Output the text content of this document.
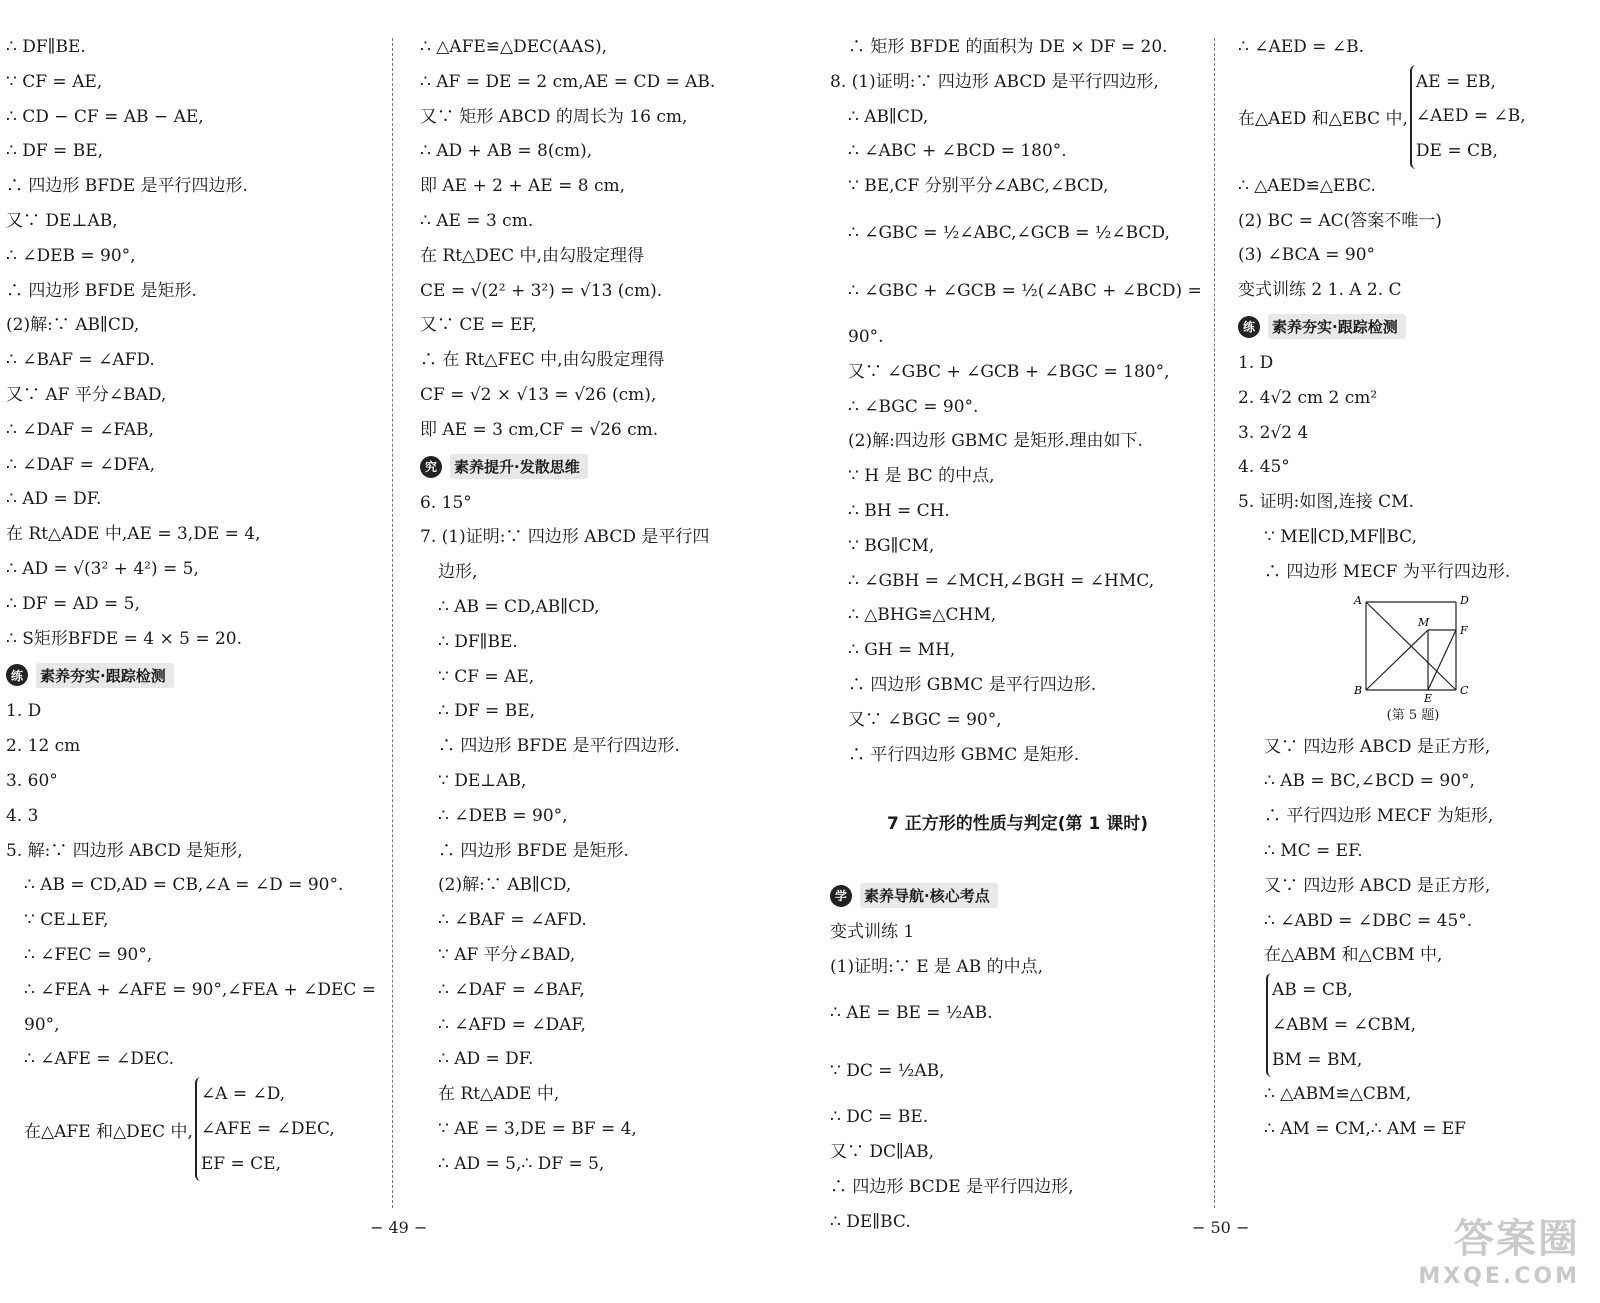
∴ DF∥BE.
∵ CF = AE,
∴ CD − CF = AB − AE,
∴ DF = BE,
∴ 四边形 BFDE 是平行四边形.
又∵ DE⊥AB,
∴ ∠DEB = 90°,
∴ 四边形 BFDE 是矩形.
(2)解:∵ AB∥CD,
∴ ∠BAF = ∠AFD.
又∵ AF 平分∠BAD,
∴ ∠DAF = ∠FAB,
∴ ∠DAF = ∠DFA,
∴ AD = DF.
在 Rt△ADE 中,AE = 3,DE = 4,
∴ AD = √(3² + 4²) = 5,
∴ DF = AD = 5,
∴ S矩形BFDE = 4 × 5 = 20.
练	素养夯实·跟踪检测
1. D
2. 12 cm
3. 60°
4. 3
5. 解:∵ 四边形 ABCD 是矩形,
∴ AB = CD,AD = CB,∠A = ∠D = 90°.
∵ CE⊥EF,
∴ ∠FEC = 90°,
∴ ∠FEA + ∠AFE = 90°,∠FEA + ∠DEC =
90°,
∴ ∠AFE = ∠DEC.
在△AFE 和△DEC 中,
∠A = ∠D,
∠AFE = ∠DEC,
EF = CE,
∴ △AFE≌△DEC(AAS),
∴ AF = DE = 2 cm,AE = CD = AB.
又∵ 矩形 ABCD 的周长为 16 cm,
∴ AD + AB = 8(cm),
即 AE + 2 + AE = 8 cm,
∴ AE = 3 cm.
在 Rt△DEC 中,由勾股定理得
CE = √(2² + 3²) = √13 (cm).
又∵ CE = EF,
∴ 在 Rt△FEC 中,由勾股定理得
CF = √2 × √13 = √26 (cm),
即 AE = 3 cm,CF = √26 cm.
究	素养提升·发散思维
6. 15°
7. (1)证明:∵ 四边形 ABCD 是平行四
边形,
∴ AB = CD,AB∥CD,
∴ DF∥BE.
∵ CF = AE,
∴ DF = BE,
∴ 四边形 BFDE 是平行四边形.
∵ DE⊥AB,
∴ ∠DEB = 90°,
∴ 四边形 BFDE 是矩形.
(2)解:∵ AB∥CD,
∴ ∠BAF = ∠AFD.
∵ AF 平分∠BAD,
∴ ∠DAF = ∠BAF,
∴ ∠AFD = ∠DAF,
∴ AD = DF.
在 Rt△ADE 中,
∵ AE = 3,DE = BF = 4,
∴ AD = 5,∴ DF = 5,
∴ 矩形 BFDE 的面积为 DE × DF = 20.
8. (1)证明:∵ 四边形 ABCD 是平行四边形,
∴ AB∥CD,
∴ ∠ABC + ∠BCD = 180°.
∵ BE,CF 分别平分∠ABC,∠BCD,
∴ ∠GBC = ½∠ABC,∠GCB = ½∠BCD,
∴ ∠GBC + ∠GCB = ½(∠ABC + ∠BCD) =
90°.
又∵ ∠GBC + ∠GCB + ∠BGC = 180°,
∴ ∠BGC = 90°.
(2)解:四边形 GBMC 是矩形.理由如下.
∵ H 是 BC 的中点,
∴ BH = CH.
∵ BG∥CM,
∴ ∠GBH = ∠MCH,∠BGH = ∠HMC,
∴ △BHG≌△CHM,
∴ GH = MH,
∴ 四边形 GBMC 是平行四边形.
又∵ ∠BGC = 90°,
∴ 平行四边形 GBMC 是矩形.
7 正方形的性质与判定(第 1 课时)
学	素养导航·核心考点
变式训练 1
(1)证明:∵ E 是 AB 的中点,
∴ AE = BE = ½AB.
∵ DC = ½AB,
∴ DC = BE.
又∵ DC∥AB,
∴ 四边形 BCDE 是平行四边形,
∴ DE∥BC.
∴ ∠AED = ∠B.
在△AED 和△EBC 中,
AE = EB,
∠AED = ∠B,
DE = CB,
∴ △AED≌△EBC.
(2) BC = AC(答案不唯一)
(3) ∠BCA = 90°
变式训练 2 1. A 2. C
练	素养夯实·跟踪检测
1. D
2. 4√2 cm 2 cm²
3. 2√2 4
4. 45°
5. 证明:如图,连接 CM.
∵ ME∥CD,MF∥BC,
∴ 四边形 MECF 为平行四边形.
A	D
M
F
B
E
C
(第 5 题)
又∵ 四边形 ABCD 是正方形,
∴ AB = BC,∠BCD = 90°,
∴ 平行四边形 MECF 为矩形,
∴ MC = EF.
又∵ 四边形 ABCD 是正方形,
∴ ∠ABD = ∠DBC = 45°.
在△ABM 和△CBM 中,
AB = CB,
∠ABM = ∠CBM,
BM = BM,
∴ △ABM≌△CBM,
∴ AM = CM,∴ AM = EF
− 49 −	− 50 −	答案圈
MXQE.COM
